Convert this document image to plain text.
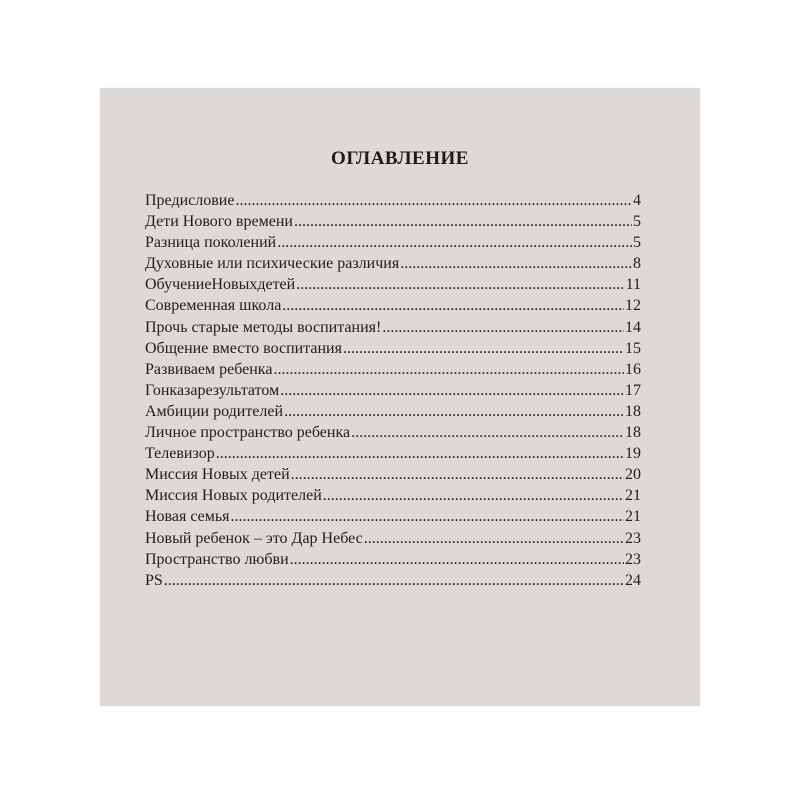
ОГЛАВЛЕНИЕ
Предисловие .....	4
Дети Нового времени .....	5
Разница поколений .....	5
Духовные или психические различия .....	8
ОбучениеНовыхдетей .....	11
Современная школа .....	12
Прочь старые методы воспитания! .....	14
Общение вместо воспитания .....	15
Развиваем ребенка .....	16
Гонказарезультатом .....	17
Амбиции родителей .....	18
Личное пространство ребенка .....	18
Телевизор .....	19
Миссия Новых детей .....	20
Миссия Новых родителей .....	21
Новая семья .....	21
Новый ребенок – это Дар Небес .....	23
Пространство любви .....	23
PS .....	24
